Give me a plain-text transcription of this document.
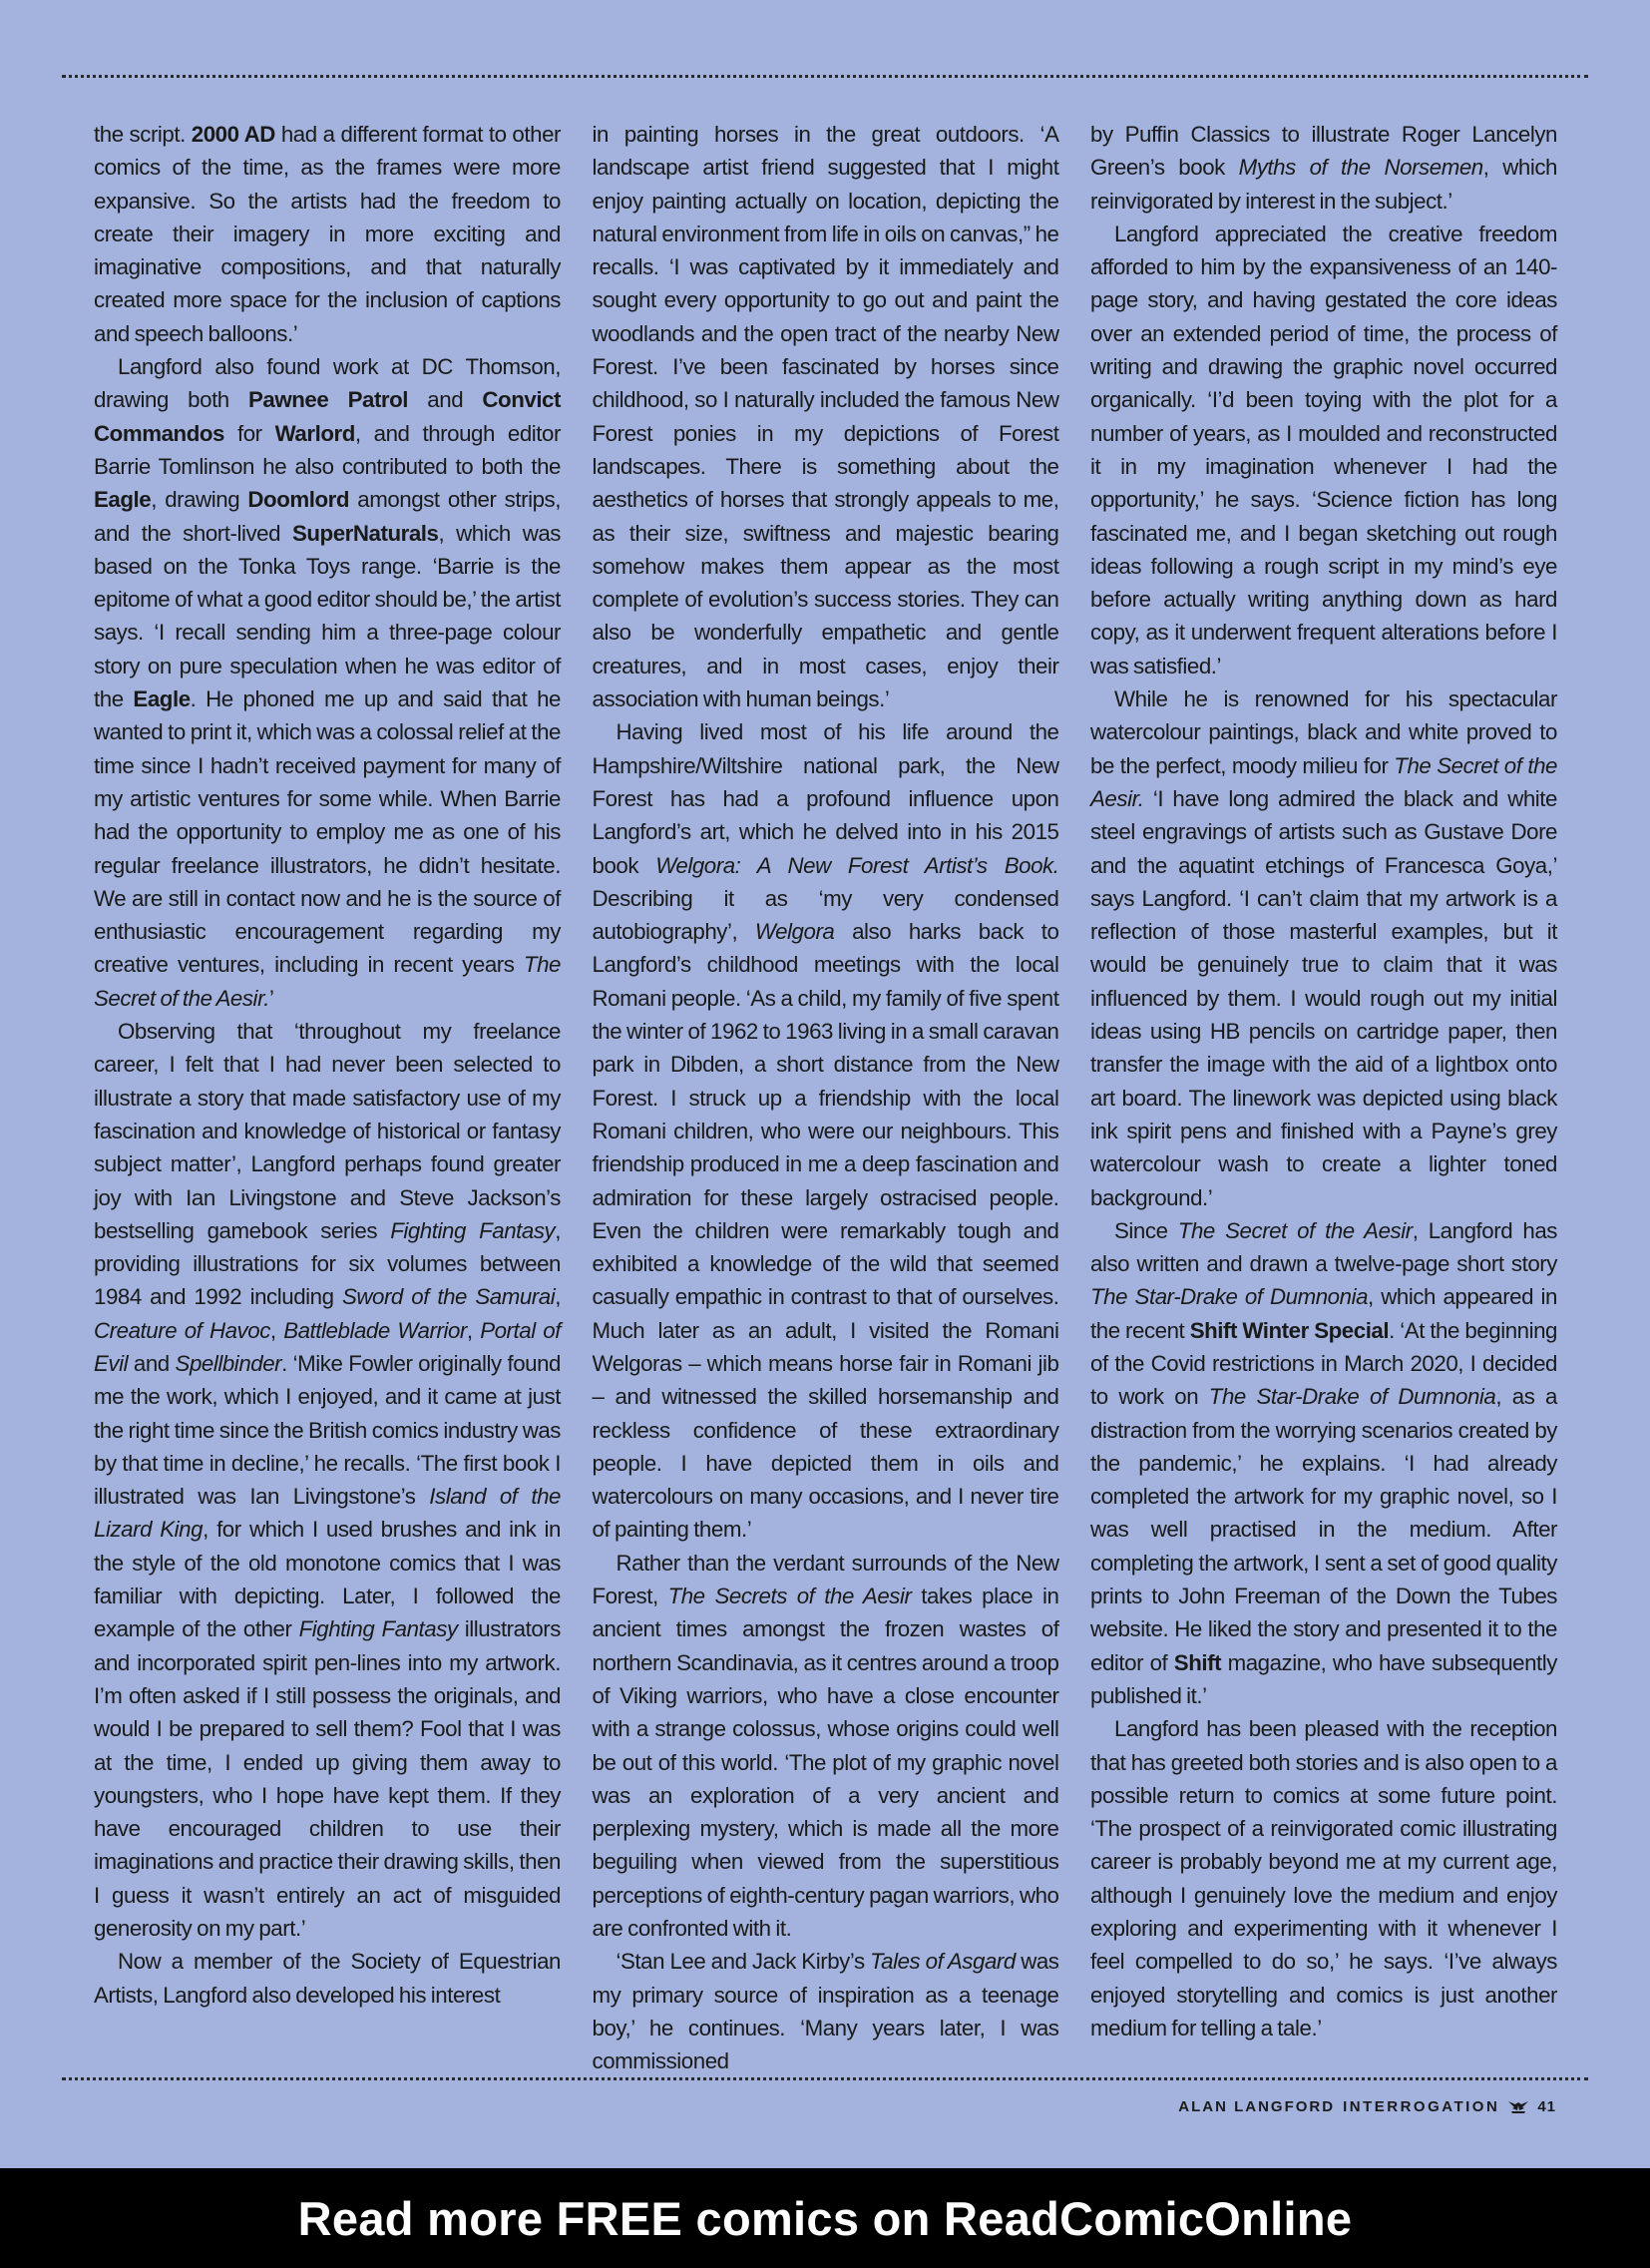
the script. 2000 AD had a different format to other comics of the time, as the frames were more expansive. So the artists had the freedom to create their imagery in more exciting and imaginative compositions, and that naturally created more space for the inclusion of captions and speech balloons.’

Langford also found work at DC Thomson, drawing both Pawnee Patrol and Convict Commandos for Warlord, and through editor Barrie Tomlinson he also contributed to both the Eagle, drawing Doomlord amongst other strips, and the short-lived SuperNaturals, which was based on the Tonka Toys range. ‘Barrie is the epitome of what a good editor should be,’ the artist says. ‘I recall sending him a three-page colour story on pure speculation when he was editor of the Eagle. He phoned me up and said that he wanted to print it, which was a colossal relief at the time since I hadn’t received payment for many of my artistic ventures for some while. When Barrie had the opportunity to employ me as one of his regular freelance illustrators, he didn’t hesitate. We are still in contact now and he is the source of enthusiastic encouragement regarding my creative ventures, including in recent years The Secret of the Aesir.’

Observing that ‘throughout my freelance career, I felt that I had never been selected to illustrate a story that made satisfactory use of my fascination and knowledge of historical or fantasy subject matter’, Langford perhaps found greater joy with Ian Livingstone and Steve Jackson’s bestselling gamebook series Fighting Fantasy, providing illustrations for six volumes between 1984 and 1992 including Sword of the Samurai, Creature of Havoc, Battleblade Warrior, Portal of Evil and Spellbinder. ‘Mike Fowler originally found me the work, which I enjoyed, and it came at just the right time since the British comics industry was by that time in decline,’ he recalls. ‘The first book I illustrated was Ian Livingstone’s Island of the Lizard King, for which I used brushes and ink in the style of the old monotone comics that I was familiar with depicting. Later, I followed the example of the other Fighting Fantasy illustrators and incorporated spirit pen-lines into my artwork. I’m often asked if I still possess the originals, and would I be prepared to sell them? Fool that I was at the time, I ended up giving them away to youngsters, who I hope have kept them. If they have encouraged children to use their imaginations and practice their drawing skills, then I guess it wasn’t entirely an act of misguided generosity on my part.’

Now a member of the Society of Equestrian Artists, Langford also developed his interest

in painting horses in the great outdoors. ‘A landscape artist friend suggested that I might enjoy painting actually on location, depicting the natural environment from life in oils on canvas,” he recalls. ‘I was captivated by it immediately and sought every opportunity to go out and paint the woodlands and the open tract of the nearby New Forest. I’ve been fascinated by horses since childhood, so I naturally included the famous New Forest ponies in my depictions of Forest landscapes. There is something about the aesthetics of horses that strongly appeals to me, as their size, swiftness and majestic bearing somehow makes them appear as the most complete of evolution’s success stories. They can also be wonderfully empathetic and gentle creatures, and in most cases, enjoy their association with human beings.’

Having lived most of his life around the Hampshire/Wiltshire national park, the New Forest has had a profound influence upon Langford’s art, which he delved into in his 2015 book Welgora: A New Forest Artist’s Book. Describing it as ‘my very condensed autobiography’, Welgora also harks back to Langford’s childhood meetings with the local Romani people. ‘As a child, my family of five spent the winter of 1962 to 1963 living in a small caravan park in Dibden, a short distance from the New Forest. I struck up a friendship with the local Romani children, who were our neighbours. This friendship produced in me a deep fascination and admiration for these largely ostracised people. Even the children were remarkably tough and exhibited a knowledge of the wild that seemed casually empathic in contrast to that of ourselves. Much later as an adult, I visited the Romani Welgoras – which means horse fair in Romani jib – and witnessed the skilled horsemanship and reckless confidence of these extraordinary people. I have depicted them in oils and watercolours on many occasions, and I never tire of painting them.’

Rather than the verdant surrounds of the New Forest, The Secrets of the Aesir takes place in ancient times amongst the frozen wastes of northern Scandinavia, as it centres around a troop of Viking warriors, who have a close encounter with a strange colossus, whose origins could well be out of this world. ‘The plot of my graphic novel was an exploration of a very ancient and perplexing mystery, which is made all the more beguiling when viewed from the superstitious perceptions of eighth-century pagan warriors, who are confronted with it.

‘Stan Lee and Jack Kirby’s Tales of Asgard was my primary source of inspiration as a teenage boy,’ he continues. ‘Many years later, I was commissioned

by Puffin Classics to illustrate Roger Lancelyn Green’s book Myths of the Norsemen, which reinvigorated by interest in the subject.’

Langford appreciated the creative freedom afforded to him by the expansiveness of an 140-page story, and having gestated the core ideas over an extended period of time, the process of writing and drawing the graphic novel occurred organically. ‘I’d been toying with the plot for a number of years, as I moulded and reconstructed it in my imagination whenever I had the opportunity,’ he says. ‘Science fiction has long fascinated me, and I began sketching out rough ideas following a rough script in my mind’s eye before actually writing anything down as hard copy, as it underwent frequent alterations before I was satisfied.’

While he is renowned for his spectacular watercolour paintings, black and white proved to be the perfect, moody milieu for The Secret of the Aesir. ‘I have long admired the black and white steel engravings of artists such as Gustave Dore and the aquatint etchings of Francesca Goya,’ says Langford. ‘I can’t claim that my artwork is a reflection of those masterful examples, but it would be genuinely true to claim that it was influenced by them. I would rough out my initial ideas using HB pencils on cartridge paper, then transfer the image with the aid of a lightbox onto art board. The linework was depicted using black ink spirit pens and finished with a Payne’s grey watercolour wash to create a lighter toned background.’

Since The Secret of the Aesir, Langford has also written and drawn a twelve-page short story The Star-Drake of Dumnonia, which appeared in the recent Shift Winter Special. ‘At the beginning of the Covid restrictions in March 2020, I decided to work on The Star-Drake of Dumnonia, as a distraction from the worrying scenarios created by the pandemic,’ he explains. ‘I had already completed the artwork for my graphic novel, so I was well practised in the medium. After completing the artwork, I sent a set of good quality prints to John Freeman of the Down the Tubes website. He liked the story and presented it to the editor of Shift magazine, who have subsequently published it.’

Langford has been pleased with the reception that has greeted both stories and is also open to a possible return to comics at some future point. ‘The prospect of a reinvigorated comic illustrating career is probably beyond me at my current age, although I genuinely love the medium and enjoy exploring and experimenting with it whenever I feel compelled to do so,’ he says. ‘I’ve always enjoyed storytelling and comics is just another medium for telling a tale.’

ALAN LANGFORD INTERROGATION	41
Read more FREE comics on ReadComicOnline
